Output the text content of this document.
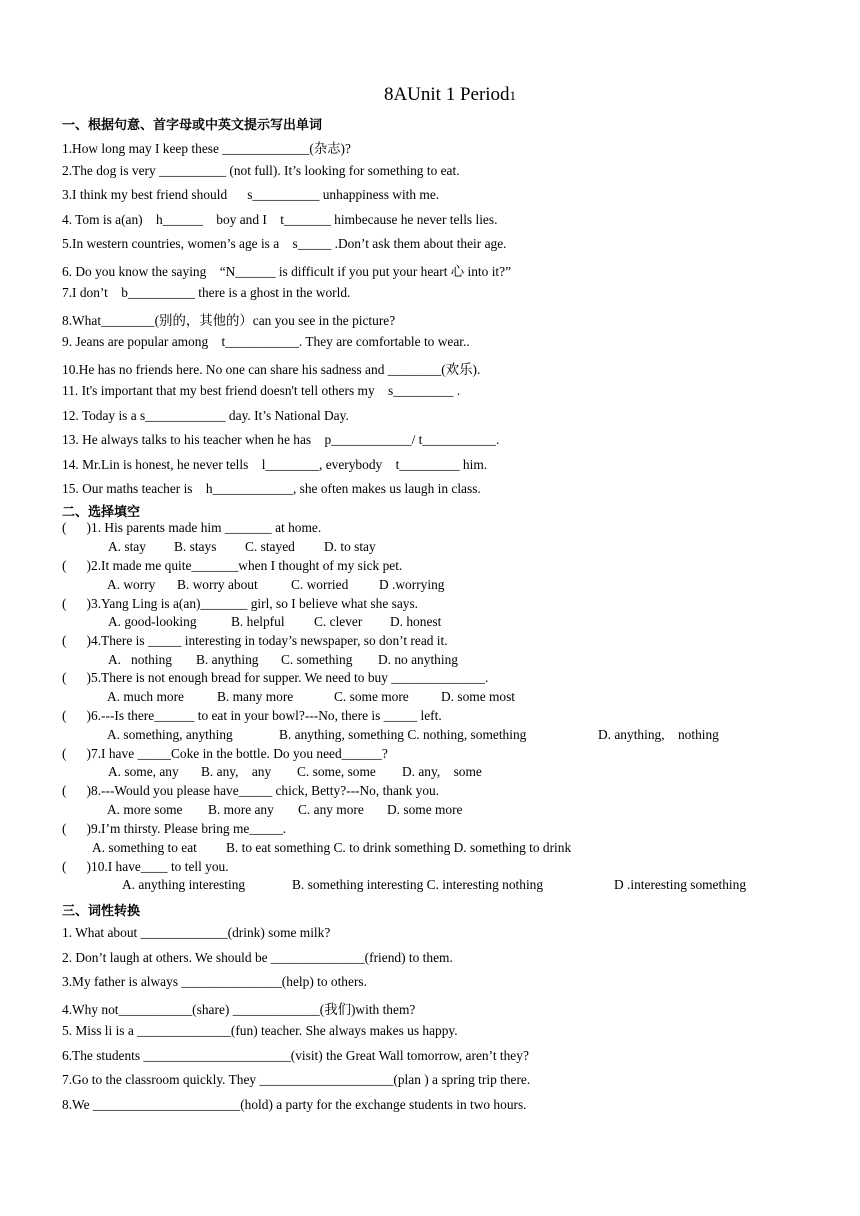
8AUnit 1 Period1
一、根据句意、首字母或中英文提示写出单词
1.How long may I keep these _____________(杂志)?
2.The dog is very __________ (not full). It’s looking for something to eat.
3.I think my best friend should      s__________ unhappiness with me.
4. Tom is a(an)    h______    boy and I    t_______ himbecause he never tells lies.
5.In western countries, women’s age is a    s_____ .Don’t ask them about their age.
6. Do you know the saying    “N______ is difficult if you put your heart 心 into it?”
7.I don’t    b__________ there is a ghost in the world.
8.What________(别的，其他的）can you see in the picture?
9. Jeans are popular among    t___________. They are comfortable to wear..
10.He has no friends here. No one can share his sadness and ________(欢乐).
11. It's important that my best friend doesn't tell others my    s_________ .
12. Today is a s____________ day. It’s National Day.
13. He always talks to his teacher when he has    p____________/ t___________.
14. Mr.Lin is honest, he never tells    l________, everybody    t_________ him.
15. Our maths teacher is    h____________, she often makes us laugh in class.
二、选择填空
(      )1. His parents made him _______ at home.
A. stay B. stays C. stayed D. to stay
(      )2.It made me quite_______when I thought of my sick pet.
A. worry B. worry about C. worried D .worrying
(      )3.Yang Ling is a(an)_______ girl, so I believe what she says.
A. good-looking	B. helpful C. clever D. honest
(      )4.There is _____ interesting in today’s newspaper, so don’t read it.
A.   nothing B. anything C. something D. no anything
(      )5.There is not enough bread for supper. We need to buy ______________.
A. much more B. many more	C. some more D. some most
(      )6.---Is there______ to eat in your bowl?---No, there is _____ left.
A. something, anything	B. anything, something C. nothing, something	D. anything,    nothing
(      )7.I have _____Coke in the bottle. Do you need______?
A. some, any B. any,    any C. some, some D. any,    some
(      )8.---Would you please have_____ chick, Betty?---No, thank you.
A. more some B. more any C. any more D. some more
(      )9.I’m thirsty. Please bring me_____.
A. something to eat B. to eat something C. to drink something D. something to drink
(      )10.I have____ to tell you.
A. anything interesting	B. something interesting C. interesting nothing	D .interesting something
三、词性转换
1. What about _____________(drink) some milk?
2. Don’t laugh at others. We should be ______________(friend) to them.
3.My father is always _______________(help) to others.
4.Why not___________(share) _____________(我们)with them?
5. Miss li is a ______________(fun) teacher. She always makes us happy.
6.The students ______________________(visit) the Great Wall tomorrow, aren’t they?
7.Go to the classroom quickly. They ____________________(plan ) a spring trip there.
8.We ______________________(hold) a party for the exchange students in two hours.
